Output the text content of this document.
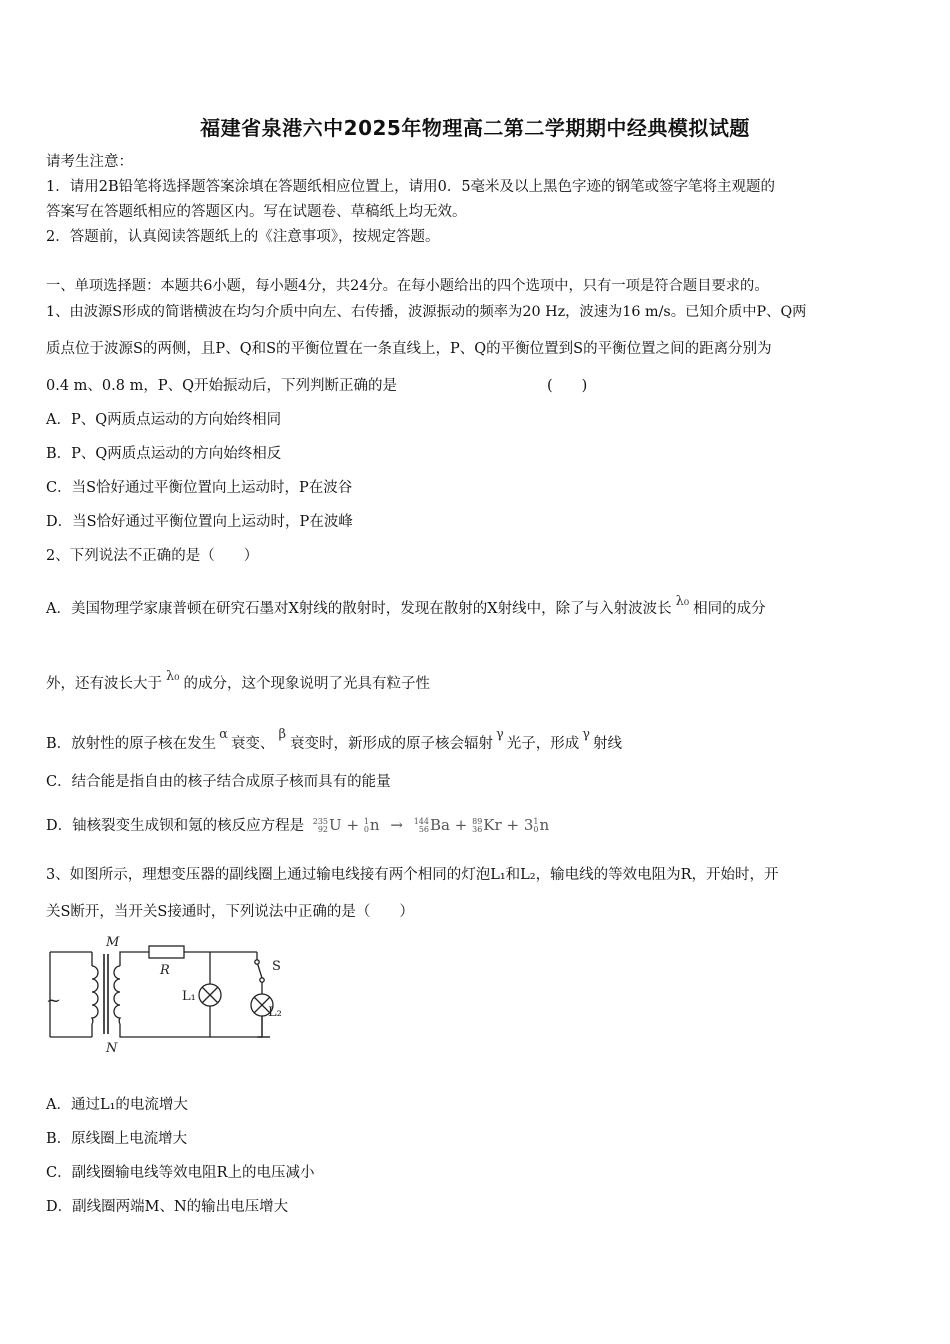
福建省泉港六中2025年物理高二第二学期期中经典模拟试题
请考生注意：
1．请用2B铅笔将选择题答案涂填在答题纸相应位置上，请用0．5毫米及以上黑色字迹的钢笔或签字笔将主观题的
答案写在答题纸相应的答题区内。写在试题卷、草稿纸上均无效。
2．答题前，认真阅读答题纸上的《注意事项》，按规定答题。
一、单项选择题：本题共6小题，每小题4分，共24分。在每小题给出的四个选项中，只有一项是符合题目要求的。
1、由波源S形成的简谐横波在均匀介质中向左、右传播，波源振动的频率为20 Hz，波速为16 m/s。已知介质中P、Q两
质点位于波源S的两侧，且P、Q和S的平衡位置在一条直线上，P、Q的平衡位置到S的平衡位置之间的距离分别为
0.4 m、0.8 m，P、Q开始振动后，下列判断正确的是	(　　)
A．P、Q两质点运动的方向始终相同
B．P、Q两质点运动的方向始终相反
C．当S恰好通过平衡位置向上运动时，P在波谷
D．当S恰好通过平衡位置向上运动时，P在波峰
2、下列说法不正确的是（　　）
A．美国物理学家康普顿在研究石墨对X射线的散射时，发现在散射的X射线中，除了与入射波波长 λ₀ 相同的成分
外，还有波长大于 λ₀ 的成分，这个现象说明了光具有粒子性
B．放射性的原子核在发生α衰变、β衰变时，新形成的原子核会辐射γ光子，形成γ射线
C．结合能是指自由的核子结合成原子核而具有的能量
D．铀核裂变生成钡和氪的核反应方程是 235
92 U + 1
0 n → 144
56 Ba + 89
36 Kr + 3 1
0 n
3、如图所示，理想变压器的副线圈上通过输电线接有两个相同的灯泡L₁和L₂，输电线的等效电阻为R，开始时，开
关S断开，当开关S接通时，下列说法中正确的是（　　）
~
M
N
R	S
L₁
L₂
A．通过L₁的电流增大
B．原线圈上电流增大
C．副线圈输电线等效电阻R上的电压减小
D．副线圈两端M、N的输出电压增大
